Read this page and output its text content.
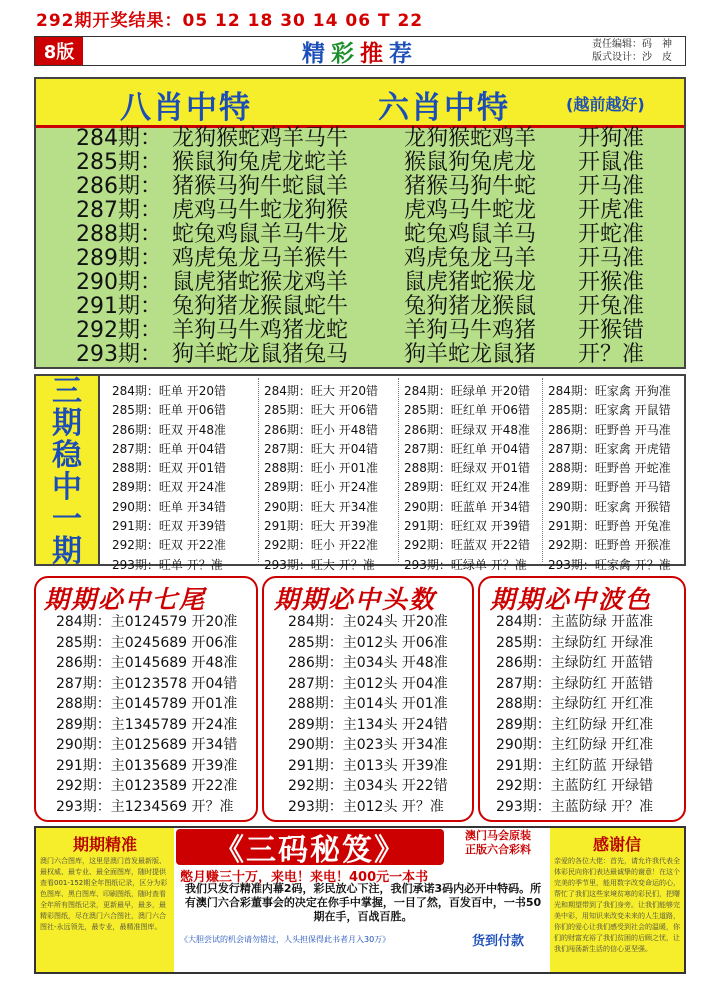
292期开奖结果：05 12 18 30 14 06 T 22
8版	精 彩 推 荐	责任编辑：码　神
版式设计：沙　皮
八肖中特	六肖中特	(越前越好)
284期： 龙狗猴蛇鸡羊马牛	龙狗猴蛇鸡羊 开狗准
285期： 猴鼠狗兔虎龙蛇羊	猴鼠狗兔虎龙 开鼠准
286期： 猪猴马狗牛蛇鼠羊	猪猴马狗牛蛇 开马准
287期： 虎鸡马牛蛇龙狗猴	虎鸡马牛蛇龙 开虎准
288期： 蛇兔鸡鼠羊马牛龙	蛇兔鸡鼠羊马 开蛇准
289期： 鸡虎兔龙马羊猴牛	鸡虎兔龙马羊 开马准
290期： 鼠虎猪蛇猴龙鸡羊	鼠虎猪蛇猴龙 开猴准
291期： 兔狗猪龙猴鼠蛇牛	兔狗猪龙猴鼠 开兔准
292期： 羊狗马牛鸡猪龙蛇	羊狗马牛鸡猪 开猴错
293期： 狗羊蛇龙鼠猪兔马	狗羊蛇龙鼠猪 开？准
三
期
稳
中
一
期
284期：旺单 开20错
285期：旺单 开06错
286期：旺双 开48准
287期：旺单 开04错
288期：旺双 开01错
289期：旺双 开24准
290期：旺单 开34错
291期：旺双 开39错
292期：旺双 开22准
293期：旺单 开？准
284期：旺大 开20错
285期：旺大 开06错
286期：旺小 开48错
287期：旺大 开04错
288期：旺小 开01准
289期：旺小 开24准
290期：旺大 开34准
291期：旺大 开39准
292期：旺小 开22准
293期：旺大 开？准
284期：旺绿单 开20错
285期：旺红单 开06错
286期：旺绿双 开48准
287期：旺红单 开04错
288期：旺绿双 开01错
289期：旺红双 开24准
290期：旺蓝单 开34错
291期：旺红双 开39错
292期：旺蓝双 开22错
293期：旺绿单 开？准
284期：旺家禽 开狗准
285期：旺家禽 开鼠错
286期：旺野兽 开马准
287期：旺家禽 开虎错
288期：旺野兽 开蛇准
289期：旺野兽 开马错
290期：旺家禽 开猴错
291期：旺野兽 开兔准
292期：旺野兽 开猴准
293期：旺家禽 开？准
期期必中七尾	期期必中头数 期期必中波色
284期：主0124579 开20准
285期：主0245689 开06准
286期：主0145689 开48准
287期：主0123578 开04错
288期：主0145789 开01准
289期：主1345789 开24准
290期：主0125689 开34错
291期：主0135689 开39准
292期：主0123589 开22准
293期：主1234569 开？准
284期：主024头 开20准
285期：主012头 开06准
286期：主034头 开48准
287期：主012头 开04准
288期：主014头 开01准
289期：主134头 开24错
290期：主023头 开34准
291期：主013头 开39准
292期：主034头 开22错
293期：主012头 开？准
284期：主蓝防绿 开蓝准
285期：主绿防红 开绿准
286期：主绿防红 开蓝错
287期：主绿防红 开蓝错
288期：主绿防红 开红准
289期：主红防绿 开红准
290期：主红防绿 开红准
291期：主红防蓝 开绿错
292期：主蓝防红 开绿错
293期：主蓝防绿 开？准
期期精准
澳门六合图库，这里是澳门首发最新版、最权威、最专业、最全面图库，随时提供查看001-152期全年图纸记录，区分为彩色图库、黑白图库、印刷图纸，随时查看全年所有图纸记录，更新最早，最多，最精彩图纸，尽在澳门六合图社，澳门六合图社-永远领先，最专业，最精准图库。
《三码秘笈》	澳门马会原装
正版六合彩料
憋月赚三十万，来电！来电！400元一本书
我们只发行精准内幕2码，彩民放心下注，我们承诺3码内必开中特码。所有澳门六合彩董事会的决定在你手中掌握，一目了然，百发百中，一书50期在手，百战百胜。
《大胆尝试的机会请勿错过，人头担保得此书者月入30万》	货到付款
感谢信
亲爱的各位大佬：首先，请允许我代表全体彩民向你们表达最诚挚的谢意！在这个完美的季节里，能用数字改变命运的心，帮忙了我们这些家境贫寒的彩民们，把曙光和期望带到了我们身旁。让我们能够完美中彩，用知识来改变未来的人生道路，你们的爱心让我们感受到社会的温暖，你们的财富充裕了我们贫困的后顾之忧，让我们闯荡新生活的信心更坚强。
